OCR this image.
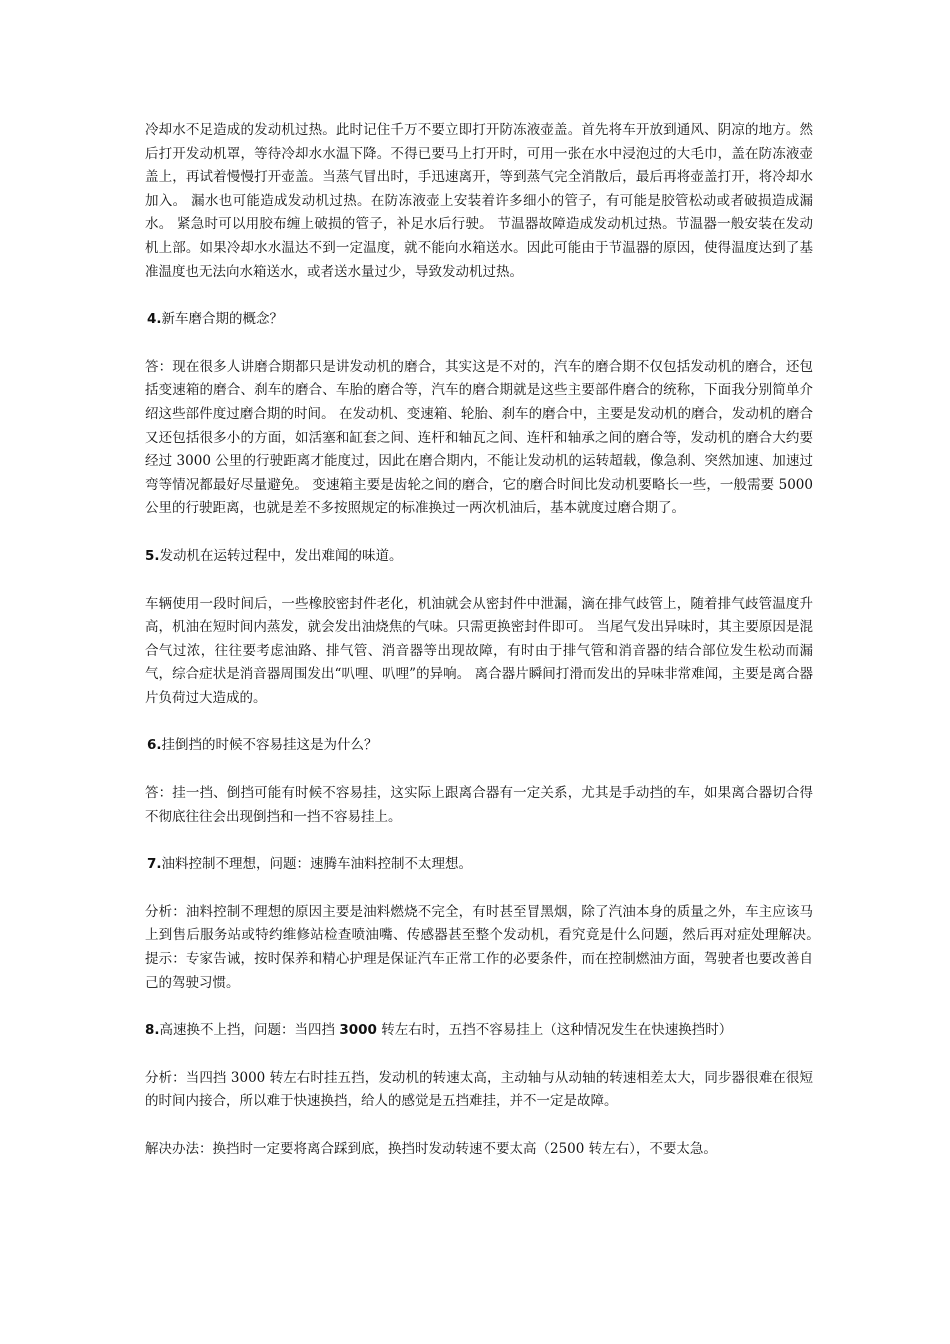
冷却水不足造成的发动机过热。此时记住千万不要立即打开防冻液壶盖。首先将车开放到通风、阴凉的地方。然后打开发动机罩，等待冷却水水温下降。不得已要马上打开时，可用一张在水中浸泡过的大毛巾，盖在防冻液壶盖上，再试着慢慢打开壶盖。当蒸气冒出时，手迅速离开，等到蒸气完全消散后，最后再将壶盖打开，将冷却水加入。 漏水也可能造成发动机过热。在防冻液壶上安装着许多细小的管子，有可能是胶管松动或者破损造成漏水。 紧急时可以用胶布缠上破损的管子，补足水后行驶。 节温器故障造成发动机过热。节温器一般安装在发动机上部。如果冷却水水温达不到一定温度，就不能向水箱送水。因此可能由于节温器的原因，使得温度达到了基准温度也无法向水箱送水，或者送水量过少，导致发动机过热。

4.新车磨合期的概念？

答：现在很多人讲磨合期都只是讲发动机的磨合，其实这是不对的，汽车的磨合期不仅包括发动机的磨合，还包括变速箱的磨合、刹车的磨合、车胎的磨合等，汽车的磨合期就是这些主要部件磨合的统称，下面我分别简单介绍这些部件度过磨合期的时间。 在发动机、变速箱、轮胎、刹车的磨合中，主要是发动机的磨合，发动机的磨合又还包括很多小的方面，如活塞和缸套之间、连杆和轴瓦之间、连杆和轴承之间的磨合等，发动机的磨合大约要经过 3000 公里的行驶距离才能度过，因此在磨合期内，不能让发动机的运转超载，像急刹、突然加速、加速过弯等情况都最好尽量避免。 变速箱主要是齿轮之间的磨合，它的磨合时间比发动机要略长一些，一般需要 5000 公里的行驶距离，也就是差不多按照规定的标准换过一两次机油后，基本就度过磨合期了。

5.发动机在运转过程中，发出难闻的味道。

车辆使用一段时间后，一些橡胶密封件老化，机油就会从密封件中泄漏，滴在排气歧管上，随着排气歧管温度升高，机油在短时间内蒸发，就会发出油烧焦的气味。只需更换密封件即可。 当尾气发出异味时，其主要原因是混合气过浓，往往要考虑油路、排气管、消音器等出现故障，有时由于排气管和消音器的结合部位发生松动而漏气，综合症状是消音器周围发出“叭哩、叭哩”的异响。 离合器片瞬间打滑而发出的异味非常难闻，主要是离合器片负荷过大造成的。

6.挂倒挡的时候不容易挂这是为什么？

答：挂一挡、倒挡可能有时候不容易挂，这实际上跟离合器有一定关系，尤其是手动挡的车，如果离合器切合得不彻底往往会出现倒挡和一挡不容易挂上。

7.油料控制不理想，问题：速腾车油料控制不太理想。

分析：油料控制不理想的原因主要是油料燃烧不完全，有时甚至冒黑烟，除了汽油本身的质量之外，车主应该马上到售后服务站或特约维修站检查喷油嘴、传感器甚至整个发动机，看究竟是什么问题，然后再对症处理解决。　　　提示：专家告诫，按时保养和精心护理是保证汽车正常工作的必要条件，而在控制燃油方面，驾驶者也要改善自己的驾驶习惯。

8.高速换不上挡，问题：当四挡 3000 转左右时，五挡不容易挂上（这种情况发生在快速换挡时）

分析：当四挡 3000 转左右时挂五挡，发动机的转速太高，主动轴与从动轴的转速相差太大，同步器很难在很短的时间内接合，所以难于快速换挡，给人的感觉是五挡难挂，并不一定是故障。

解决办法：换挡时一定要将离合踩到底，换挡时发动转速不要太高（2500 转左右），不要太急。
